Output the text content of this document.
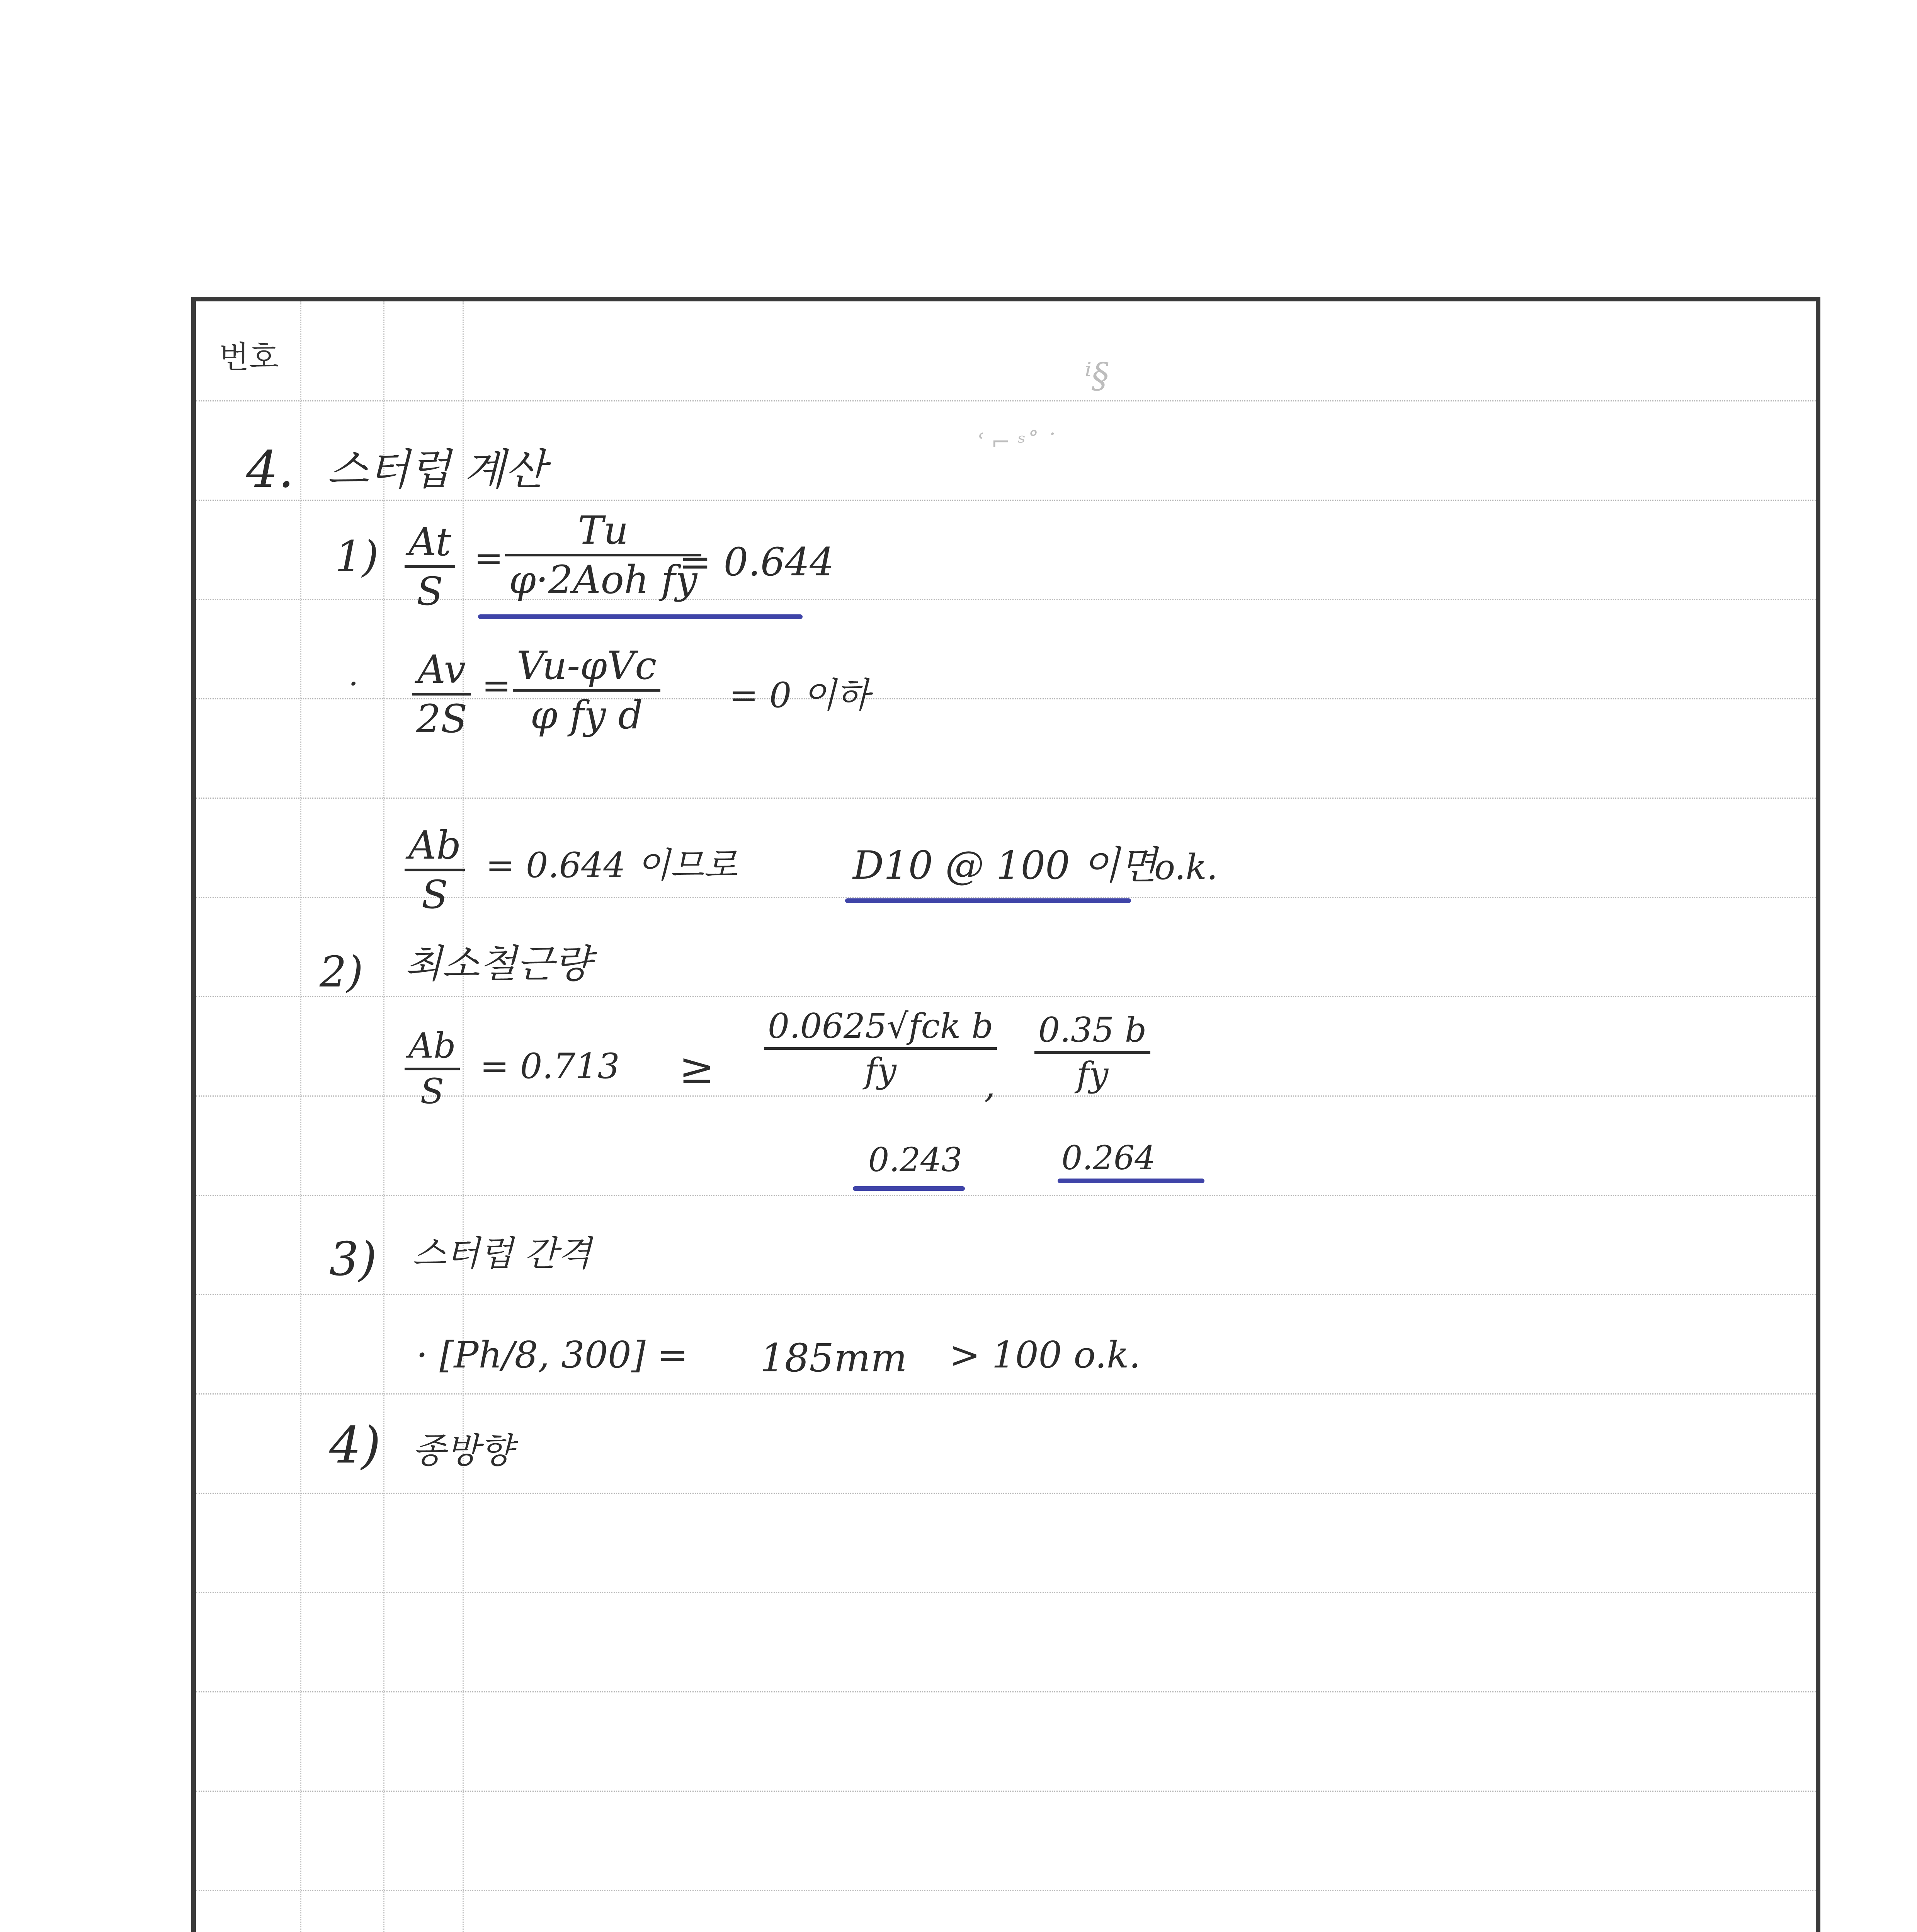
번호	ⁱ§
ʿ ⌐ ˢ˚ ˙
4. 스터럽 계산
1) At
S
=
Tu
φ·2Aoh fy
= 0.644
· Av
2S
= Vu-φVc
φ fy d = 0 이하
Ab
S
= 0.644 이므로	D10 @ 100 이면
o.k.
2) 최소철근량
Ab
S
= 0.713 ≥
0.0625√fck b
fy	,
0.35 b
fy
0.243	0.264
3) 스터럽 간격
· [Ph/8, 300] = 185mm > 100 o.k.
4) 종방향
